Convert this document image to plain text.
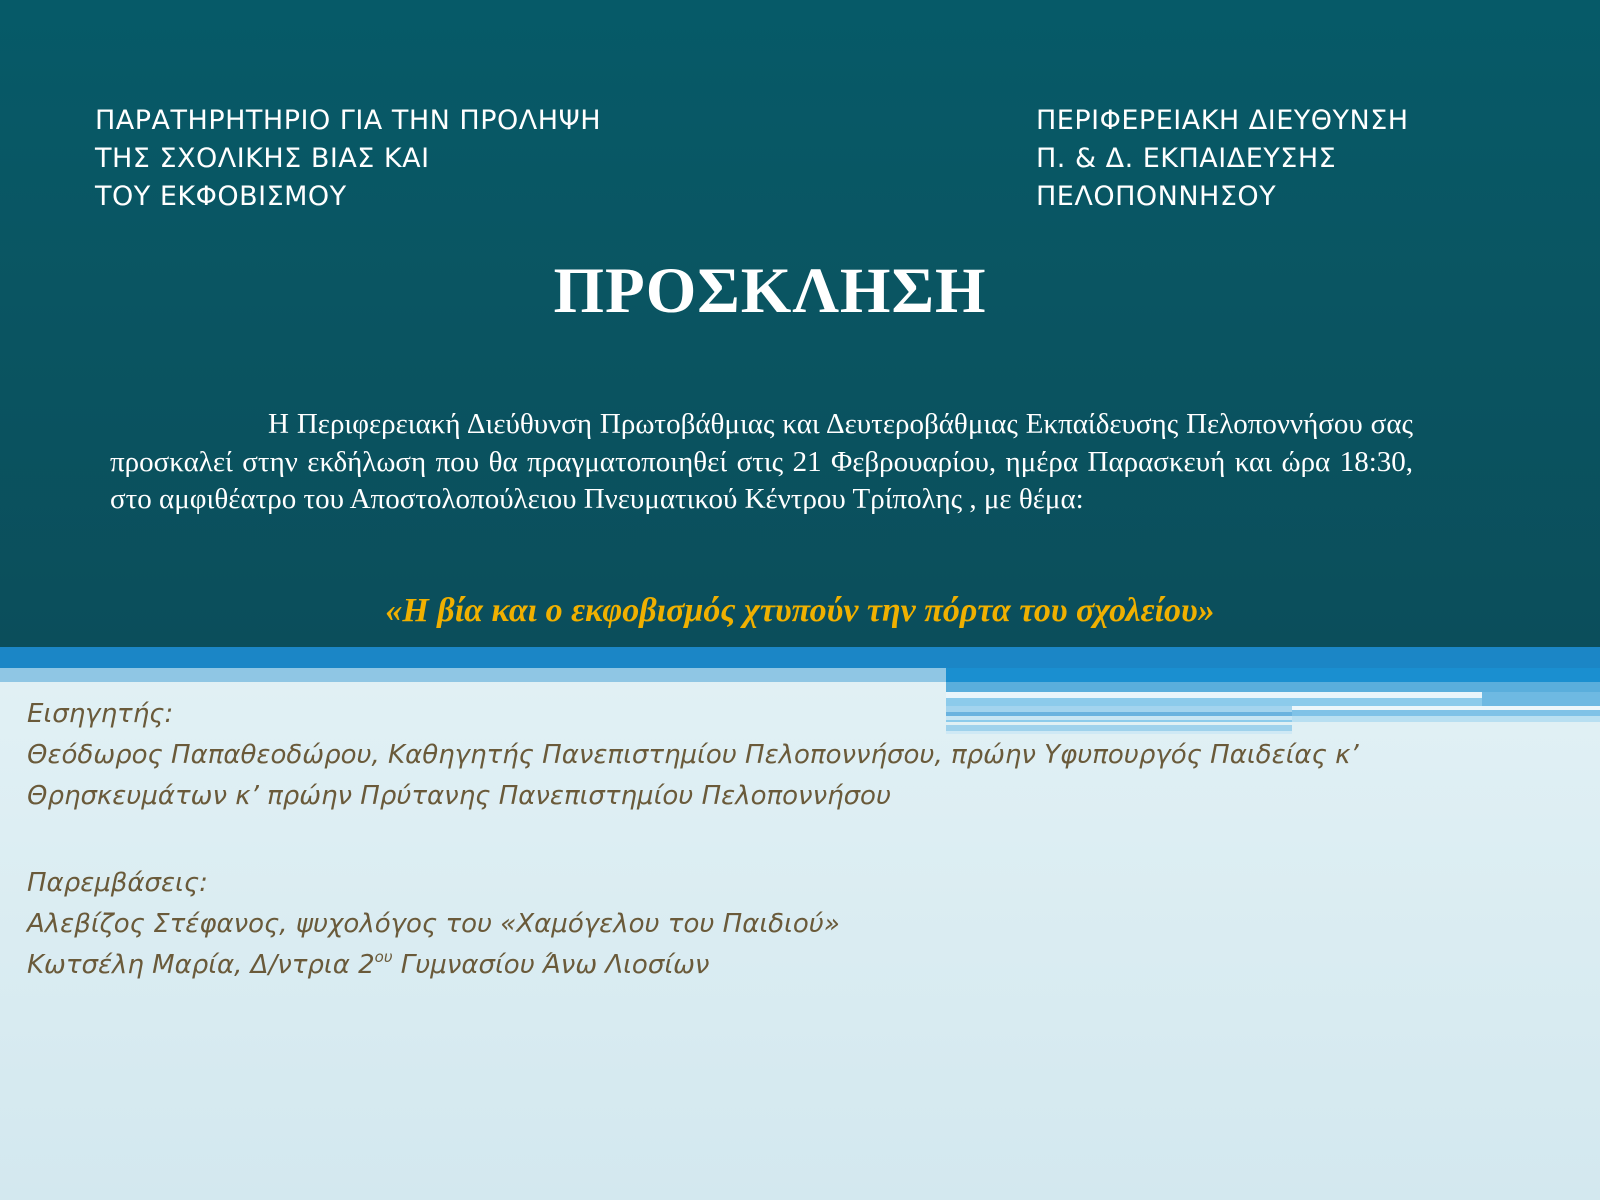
ΠΑΡΑΤΗΡΗΤΗΡΙΟ ΓΙΑ ΤΗΝ ΠΡΟΛΗΨΗ
ΤΗΣ ΣΧΟΛΙΚΗΣ ΒΙΑΣ ΚΑΙ
ΤΟΥ ΕΚΦΟΒΙΣΜΟΥ
ΠΕΡΙΦΕΡΕΙΑΚΗ ΔΙΕΥΘΥΝΣΗ
Π. & Δ. ΕΚΠΑΙΔΕΥΣΗΣ
ΠΕΛΟΠΟΝΝΗΣΟΥ
ΠΡΟΣΚΛΗΣΗ
Η Περιφερειακή Διεύθυνση Πρωτοβάθμιας και Δευτεροβάθμιας Εκπαίδευσης Πελοποννήσου σας προσκαλεί στην εκδήλωση που θα πραγματοποιηθεί στις 21 Φεβρουαρίου, ημέρα Παρασκευή και ώρα 18:30, στο αμφιθέατρο του Αποστολοπούλειου Πνευματικού Κέντρου Τρίπολης , με θέμα:
«Η βία και ο εκφοβισμός χτυπούν την πόρτα του σχολείου»
Εισηγητής:
Θεόδωρος Παπαθεοδώρου, Καθηγητής Πανεπιστημίου Πελοποννήσου, πρώην Υφυπουργός Παιδείας κ’
Θρησκευμάτων κ’ πρώην Πρύτανης Πανεπιστημίου Πελοποννήσου
Παρεμβάσεις:
Αλεβίζος Στέφανος, ψυχολόγος του «Χαμόγελου του Παιδιού»
Κωτσέλη Μαρία, Δ/ντρια $2^{o\upsilon}$ Γυμνασίου Άνω Λιοσίων
